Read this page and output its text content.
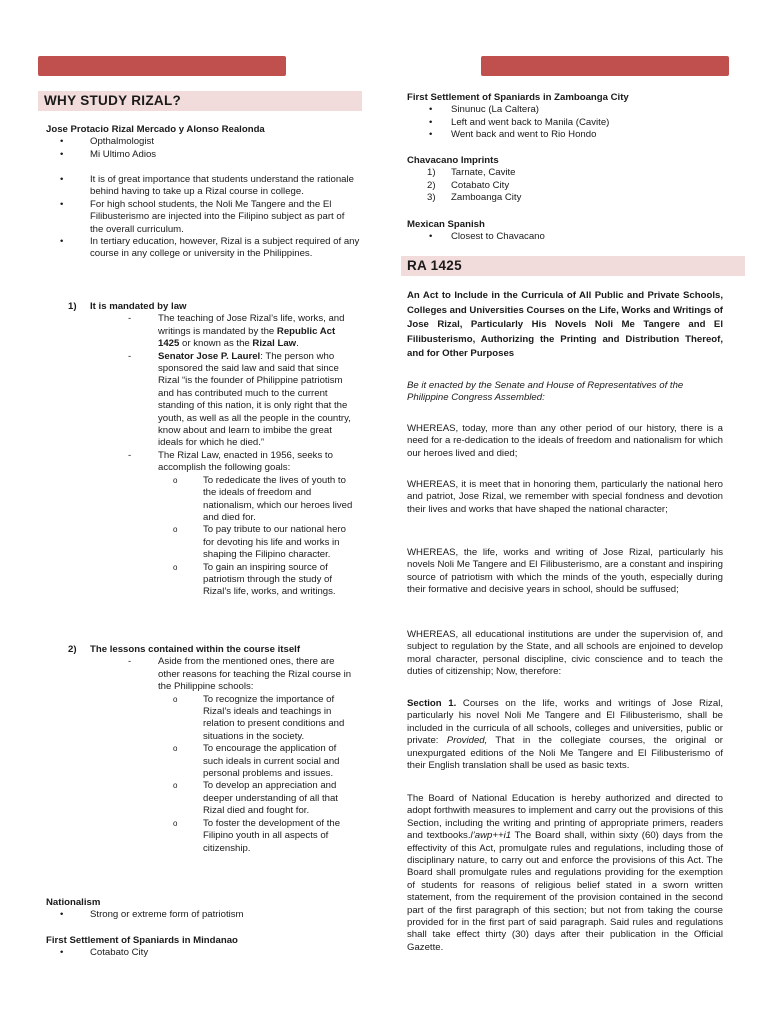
WHY STUDY RIZAL?
Jose Protacio Rizal Mercado y Alonso Realonda
• Opthalmologist
• Mi Ultimo Adios
• It is of great importance that students understand the rationale behind having to take up a Rizal course in college.
• For high school students, the Noli Me Tangere and the El Filibusterismo are injected into the Filipino subject as part of the overall curriculum.
• In tertiary education, however, Rizal is a subject required of any course in any college or university in the Philippines.
1) It is mandated by law
- The teaching of Jose Rizal’s life, works, and writings is mandated by the Republic Act 1425 or known as the Rizal Law.
- Senator Jose P. Laurel: The person who sponsored the said law and said that since Rizal “is the founder of Philippine patriotism and has contributed much to the current standing of this nation, it is only right that the youth, as well as all the people in the country, know about and learn to imbibe the great ideals for which he died.”
- The Rizal Law, enacted in 1956, seeks to accomplish the following goals:
o To rededicate the lives of youth to the ideals of freedom and nationalism, which our heroes lived and died for.
o To pay tribute to our national hero for devoting his life and works in shaping the Filipino character.
o To gain an inspiring source of patriotism through the study of Rizal’s life, works, and writings.
2) The lessons contained within the course itself
- Aside from the mentioned ones, there are other reasons for teaching the Rizal course in the Philippine schools:
o To recognize the importance of Rizal’s ideals and teachings in relation to present conditions and situations in the society.
o To encourage the application of such ideals in current social and personal problems and issues.
o To develop an appreciation and deeper understanding of all that Rizal died and fought for.
o To foster the development of the Filipino youth in all aspects of citizenship.
Nationalism
• Strong or extreme form of patriotism
First Settlement of Spaniards in Mindanao
• Cotabato City
First Settlement of Spaniards in Zamboanga City
• Sinunuc (La Caltera)
• Left and went back to Manila (Cavite)
• Went back and went to Rio Hondo
Chavacano Imprints
1) Tarnate, Cavite
2) Cotabato City
3) Zamboanga City
Mexican Spanish
• Closest to Chavacano
RA 1425
An Act to Include in the Curricula of All Public and Private Schools, Colleges and Universities Courses on the Life, Works and Writings of Jose Rizal, Particularly His Novels Noli Me Tangere and El Filibusterismo, Authorizing the Printing and Distribution Thereof, and for Other Purposes
Be it enacted by the Senate and House of Representatives of the Philippine Congress Assembled:

WHEREAS, today, more than any other period of our history, there is a need for a re-dedication to the ideals of freedom and nationalism for which our heroes lived and died;

WHEREAS, it is meet that in honoring them, particularly the national hero and patriot, Jose Rizal, we remember with special fondness and devotion their lives and works that have shaped the national character;

WHEREAS, the life, works and writing of Jose Rizal, particularly his novels Noli Me Tangere and El Filibusterismo, are a constant and inspiring source of patriotism with which the minds of the youth, especially during their formative and decisive years in school, should be suffused;

WHEREAS, all educational institutions are under the supervision of, and subject to regulation by the State, and all schools are enjoined to develop moral character, personal discipline, civic conscience and to teach the duties of citizenship; Now, therefore:

Section 1. Courses on the life, works and writings of Jose Rizal, particularly his novel Noli Me Tangere and El Filibusterismo, shall be included in the curricula of all schools, colleges and universities, public or private: Provided, That in the collegiate courses, the original or unexpurgated editions of the Noli Me Tangere and El Filibusterismo of their English translation shall be used as basic texts.

The Board of National Education is hereby authorized and directed to adopt forthwith measures to implement and carry out the provisions of this Section, including the writing and printing of appropriate primers, readers and textbooks.l’awp++i1 The Board shall, within sixty (60) days from the effectivity of this Act, promulgate rules and regulations, including those of disciplinary nature, to carry out and enforce the provisions of this Act. The Board shall promulgate rules and regulations providing for the exemption of students for reasons of religious belief stated in a sworn written statement, from the requirement of the provision contained in the second part of the first paragraph of this section; but not from taking the course provided for in the first part of said paragraph. Said rules and regulations shall take effect thirty (30) days after their publication in the Official Gazette.
